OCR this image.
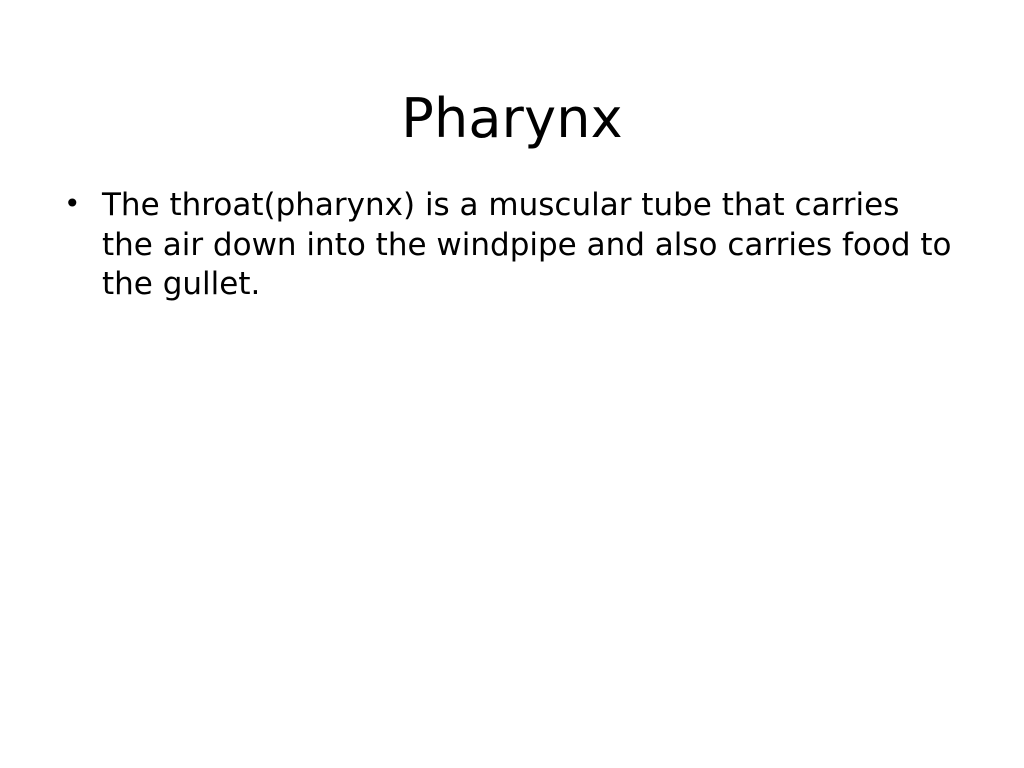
Pharynx
• The throat(pharynx) is a muscular tube that carries the air down into the windpipe and also carries food to the gullet.
